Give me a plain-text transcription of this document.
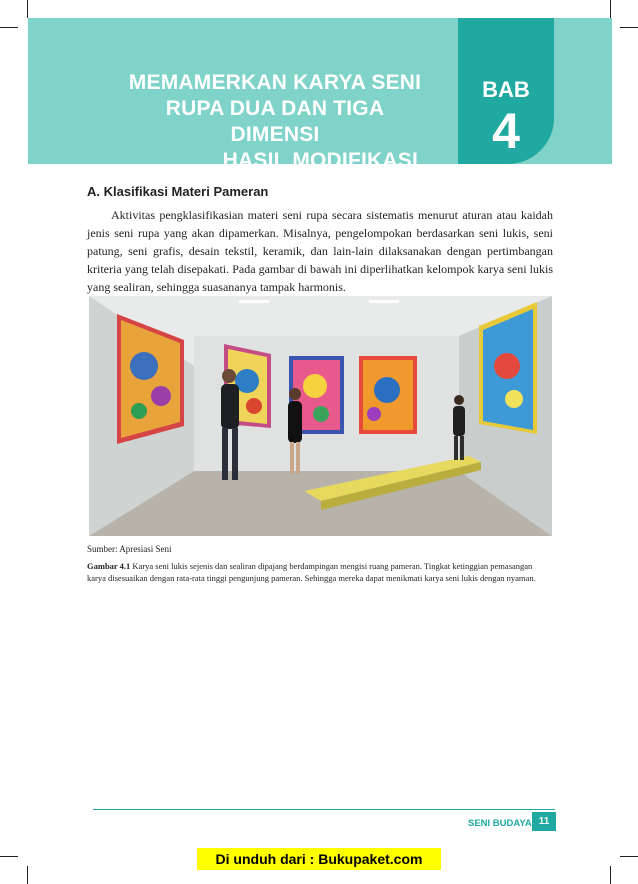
MEMAMERKAN KARYA SENI
RUPA DUA DAN TIGA DIMENSI
HASIL MODIFIKASI
BAB
4
A. Klasifikasi Materi Pameran
Aktivitas pengklasifikasian materi seni rupa secara sistematis menurut aturan atau kaidah jenis seni rupa yang akan dipamerkan. Misalnya, pengelompokan berdasarkan seni lukis, seni patung, seni grafis, desain tekstil, keramik, dan lain-lain dilaksanakan dengan pertimbangan kriteria yang telah disepakati. Pada gambar di bawah ini diperlihatkan kelompok karya seni lukis yang sealiran, sehingga suasananya tampak harmonis.
Sumber: Apresiasi Seni
Gambar 4.1 Karya seni lukis sejenis dan sealiran dipajang berdampingan mengisi ruang pameran. Tingkat ketinggian pemasangan karya disesuaikan dengan rata-rata tinggi pengunjung pameran. Sehingga mereka dapat menikmati karya seni lukis dengan nyaman.
SENI BUDAYA 11
Di unduh dari : Bukupaket.com
